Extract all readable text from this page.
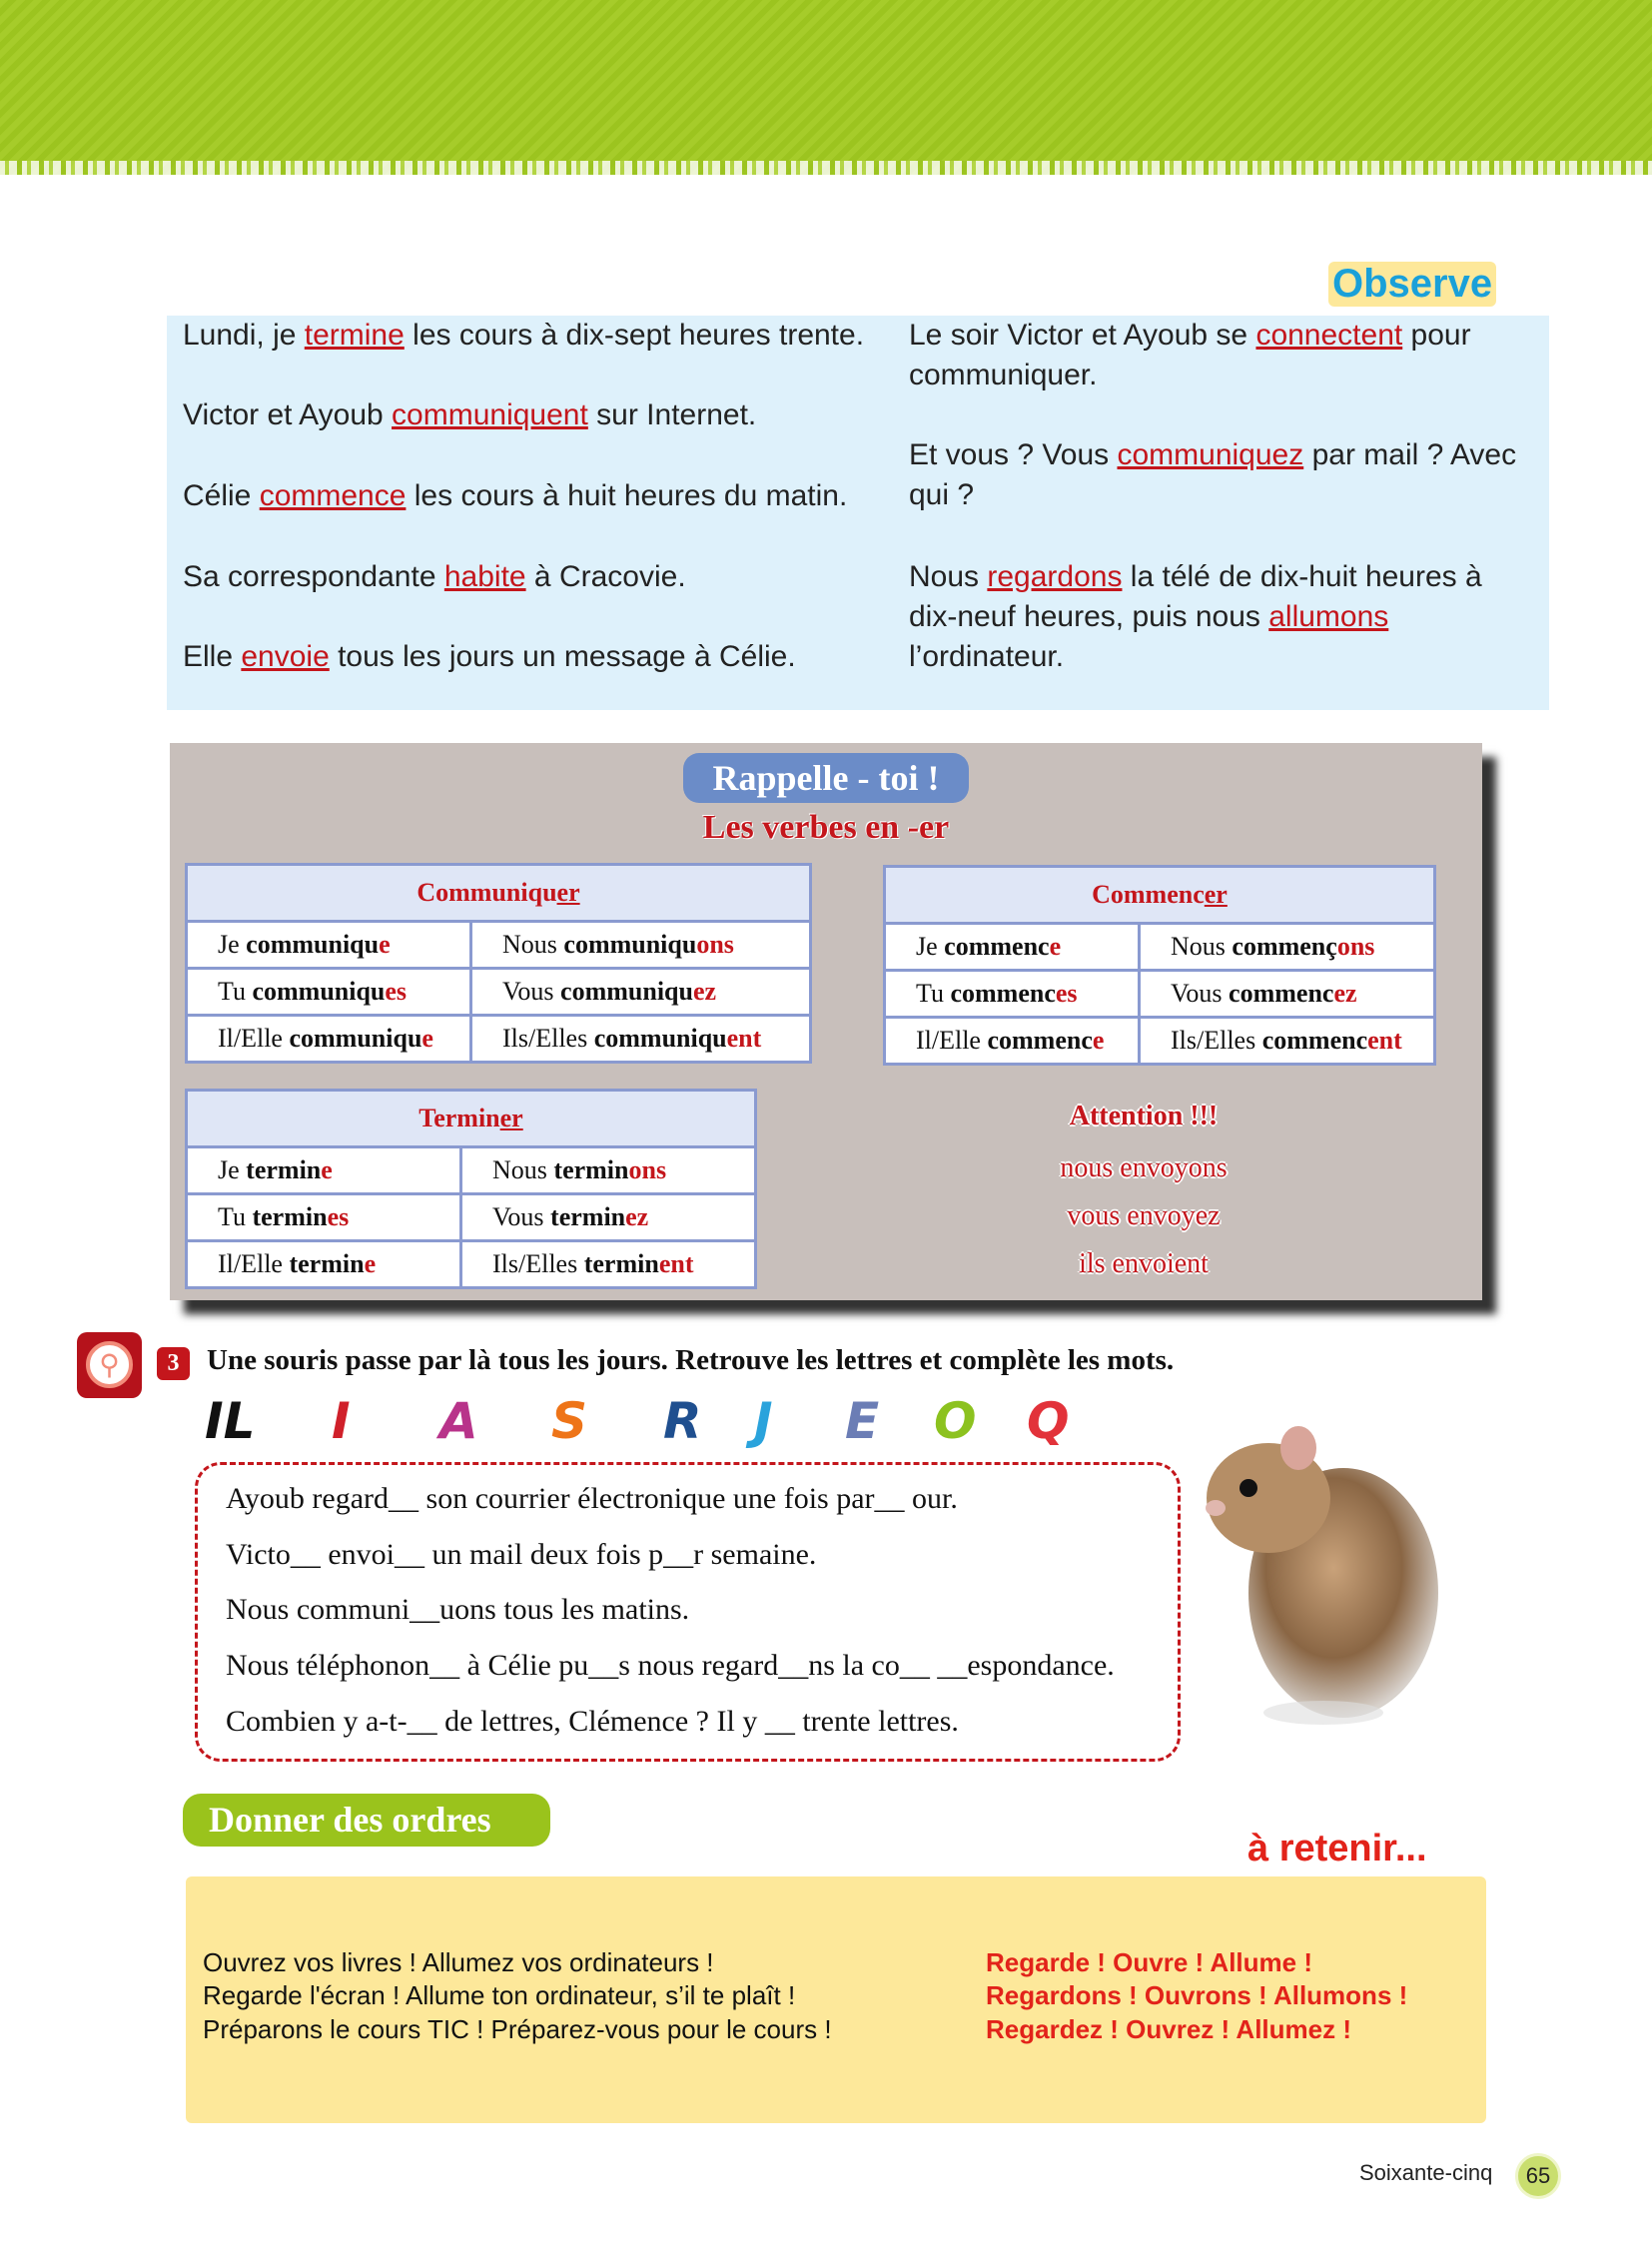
Observe
Lundi, je termine les cours à dix-sept heures trente.
Victor et Ayoub communiquent sur Internet.
Célie commence les cours à huit heures du matin.
Sa correspondante habite à Cracovie.
Elle envoie tous les jours un message à Célie.
Le soir Victor et Ayoub se connectent pour communiquer.
Et vous ? Vous communiquez par mail ? Avec qui ?
Nous regardons la télé de dix-huit heures à dix-neuf heures, puis nous allumons l’ordinateur.
Rappelle - toi !
Les verbes en -er
Communiquer	
Je communique	Nous communiquons
Tu communiques	Vous communiquez
Il/Elle communique	Ils/Elles communiquent
Commencer	
Je commence	Nous commençons
Tu commences	Vous commencez
Il/Elle commence	Ils/Elles commencent
Terminer	
Je termine	Nous terminons
Tu termines	Vous terminez
Il/Elle termine	Ils/Elles terminent
Attention !!!
nous envoyons
vous envoyez
ils envoient
⚲	3 Une souris passe par là tous les jours. Retrouve les lettres et complète les mots.
IL I A S R J E O Q
Ayoub regard__ son courrier électronique une fois par__ our.
Victo__ envoi__ un mail deux fois p__r semaine.
Nous communi__uons tous les matins.
Nous téléphonon__ à Célie pu__s nous regard__ns la co__ __espondance.
Combien y a-t-__ de lettres, Clémence ? Il y __ trente lettres.
Donner des ordres
à retenir...
Ouvrez vos livres ! Allumez vos ordinateurs !
Regarde l'écran ! Allume ton ordinateur, s’il te plaît !
Préparons le cours TIC ! Préparez-vous pour le cours !
Regarde ! Ouvre ! Allume !
Regardons ! Ouvrons ! Allumons !
Regardez ! Ouvrez ! Allumez !
Soixante-cinq	65
